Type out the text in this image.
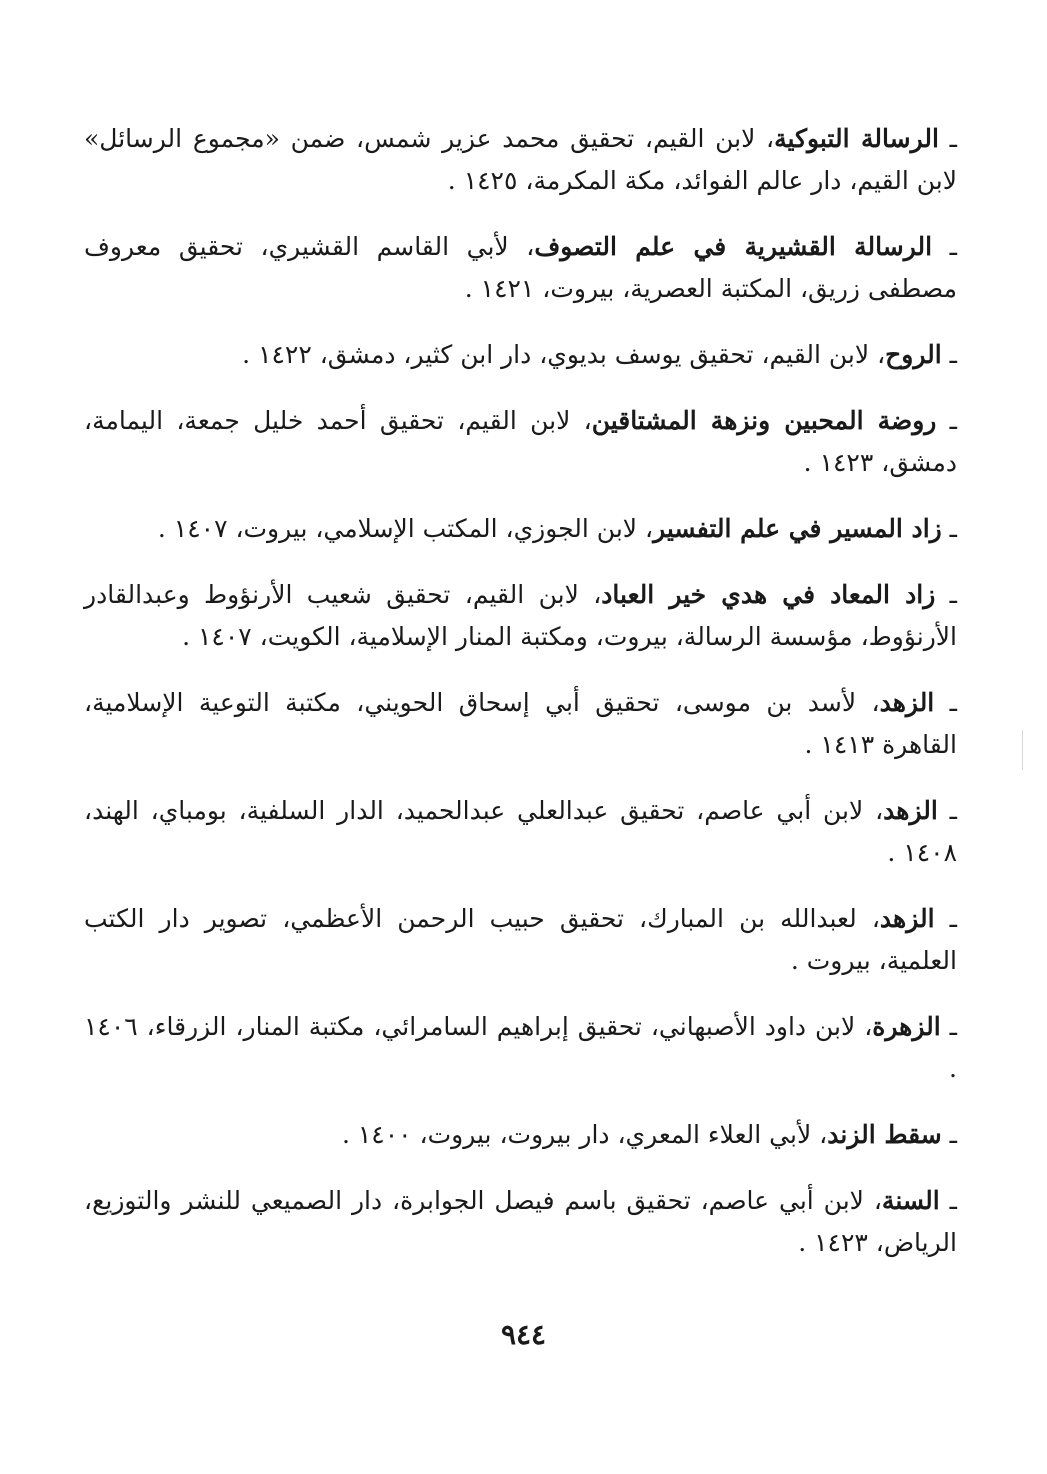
ـ الرسالة التبوكية، لابن القيم، تحقيق محمد عزير شمس، ضمن «مجموع الرسائل» لابن القيم، دار عالم الفوائد، مكة المكرمة، ١٤٢٥ .

ـ الرسالة القشيرية في علم التصوف، لأبي القاسم القشيري، تحقيق معروف مصطفى زريق، المكتبة العصرية، بيروت، ١٤٢١ .

ـ الروح، لابن القيم، تحقيق يوسف بديوي، دار ابن كثير، دمشق، ١٤٢٢ .

ـ روضة المحبين ونزهة المشتاقين، لابن القيم، تحقيق أحمد خليل جمعة، اليمامة، دمشق، ١٤٢٣ .

ـ زاد المسير في علم التفسير، لابن الجوزي، المكتب الإسلامي، بيروت، ١٤٠٧ .

ـ زاد المعاد في هدي خير العباد، لابن القيم، تحقيق شعيب الأرنؤوط وعبدالقادر الأرنؤوط، مؤسسة الرسالة، بيروت، ومكتبة المنار الإسلامية، الكويت، ١٤٠٧ .

ـ الزهد، لأسد بن موسى، تحقيق أبي إسحاق الحويني، مكتبة التوعية الإسلامية، القاهرة ١٤١٣ .

ـ الزهد، لابن أبي عاصم، تحقيق عبدالعلي عبدالحميد، الدار السلفية، بومباي، الهند، ١٤٠٨ .

ـ الزهد، لعبدالله بن المبارك، تحقيق حبيب الرحمن الأعظمي، تصوير دار الكتب العلمية، بيروت .

ـ الزهرة، لابن داود الأصبهاني، تحقيق إبراهيم السامرائي، مكتبة المنار، الزرقاء، ١٤٠٦ .

ـ سقط الزند، لأبي العلاء المعري، دار بيروت، بيروت، ١٤٠٠ .

ـ السنة، لابن أبي عاصم، تحقيق باسم فيصل الجوابرة، دار الصميعي للنشر والتوزيع، الرياض، ١٤٢٣ .

٩٤٤
